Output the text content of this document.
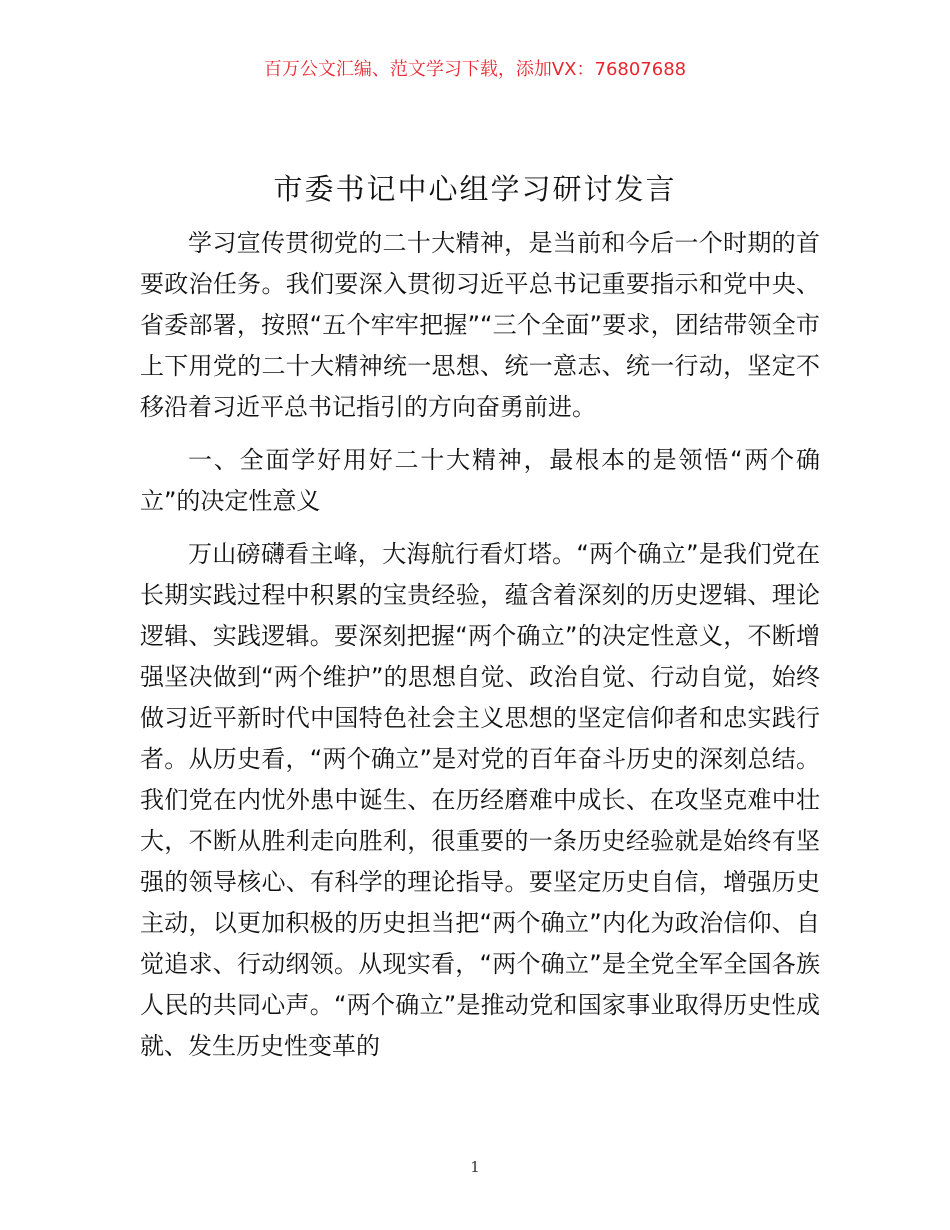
百万公文汇编、范文学习下载，添加VX：76807688
市委书记中心组学习研讨发言

学习宣传贯彻党的二十大精神，是当前和今后一个时期的首要政治任务。我们要深入贯彻习近平总书记重要指示和党中央、省委部署，按照“五个牢牢把握”“三个全面”要求，团结带领全市上下用党的二十大精神统一思想、统一意志、统一行动，坚定不移沿着习近平总书记指引的方向奋勇前进。

一、全面学好用好二十大精神，最根本的是领悟“两个确立”的决定性意义

万山磅礴看主峰，大海航行看灯塔。“两个确立”是我们党在长期实践过程中积累的宝贵经验，蕴含着深刻的历史逻辑、理论逻辑、实践逻辑。要深刻把握“两个确立”的决定性意义，不断增强坚决做到“两个维护”的思想自觉、政治自觉、行动自觉，始终做习近平新时代中国特色社会主义思想的坚定信仰者和忠实践行者。从历史看，“两个确立”是对党的百年奋斗历史的深刻总结。我们党在内忧外患中诞生、在历经磨难中成长、在攻坚克难中壮大，不断从胜利走向胜利，很重要的一条历史经验就是始终有坚强的领导核心、有科学的理论指导。要坚定历史自信，增强历史主动，以更加积极的历史担当把“两个确立”内化为政治信仰、自觉追求、行动纲领。从现实看，“两个确立”是全党全军全国各族人民的共同心声。“两个确立”是推动党和国家事业取得历史性成就、发生历史性变革的

1
